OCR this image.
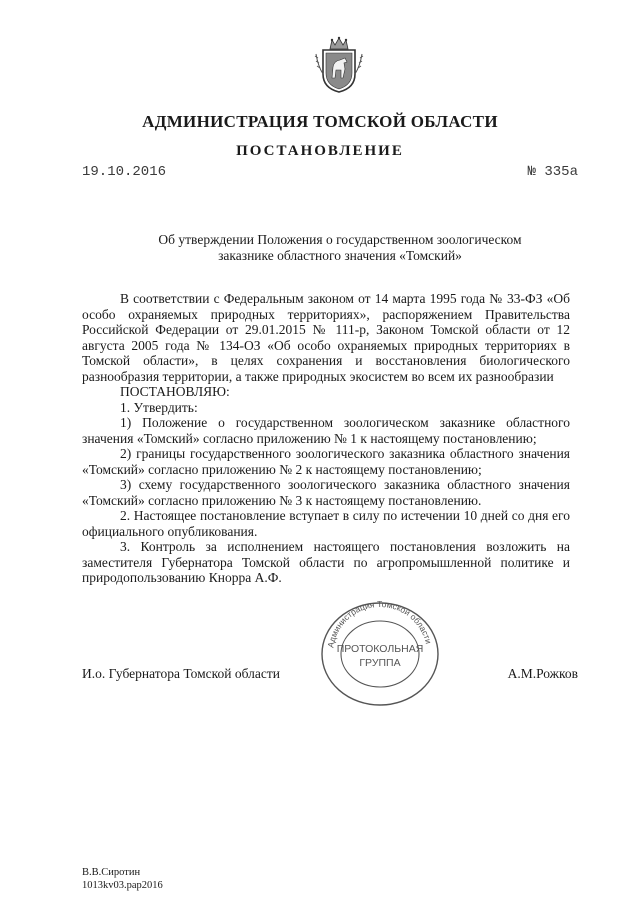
АДМИНИСТРАЦИЯ ТОМСКОЙ ОБЛАСТИ
ПОСТАНОВЛЕНИЕ
19.10.2016	№ 335а
Об утверждении Положения о государственном зоологическом
заказнике областного значения «Томский»

В соответствии с Федеральным законом от 14 марта 1995 года № 33-ФЗ «Об особо охраняемых природных территориях», распоряжением Правительства Российской Федерации от 29.01.2015 № 111-р, Законом Томской области от 12 августа 2005 года № 134-ОЗ «Об особо охраняемых природных территориях в Томской области», в целях сохранения и восстановления биологического разнообразия территории, а также природных экосистем во всем их разнообразии

ПОСТАНОВЛЯЮ:

1. Утвердить:

1) Положение о государственном зоологическом заказнике областного значения «Томский» согласно приложению № 1 к настоящему постановлению;

2) границы государственного зоологического заказника областного значения «Томский» согласно приложению № 2 к настоящему постановлению;

3) схему государственного зоологического заказника областного значения «Томский» согласно приложению № 3 к настоящему постановлению.

2. Настоящее постановление вступает в силу по истечении 10 дней со дня его официального опубликования.

3. Контроль за исполнением настоящего постановления возложить на заместителя Губернатора Томской области по агропромышленной политике и природопользованию Кнорра А.Ф.

И.о. Губернатора Томской области	А.М.Рожков
Администрация Томской области
ПРОТОКОЛЬНАЯ
ГРУППА
В.В.Сиротин
1013kv03.pap2016
